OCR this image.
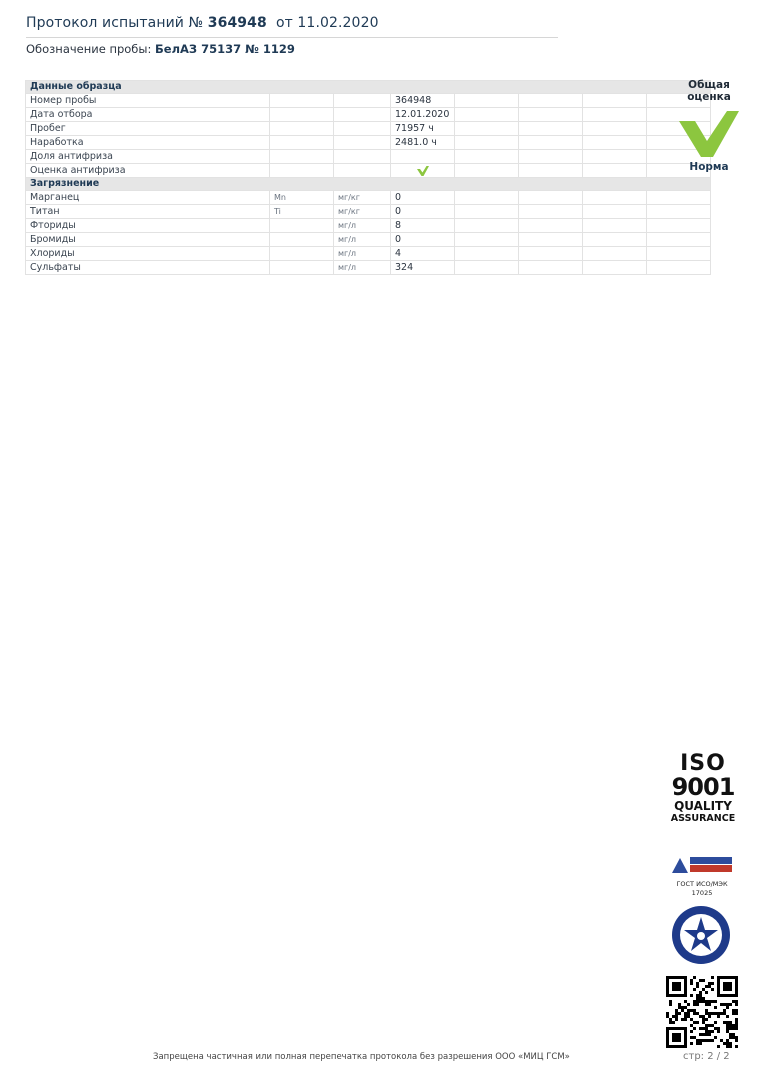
Протокол испытаний № 364948 от 11.02.2020
Обозначение пробы: БелАЗ 75137 № 1129
Данные образца							
Номер пробы			364948				
Дата отбора			12.01.2020				
Пробег			71957 ч				
Наработка			2481.0 ч				
Доля антифриза							
Оценка антифриза							
Загрязнение							
Марганец	Mn	мг/кг	0				
Титан	Ti	мг/кг	0				
Фториды		мг/л	8				
Бромиды		мг/л	0				
Хлориды		мг/л	4				
Сульфаты		мг/л	324				
Общая оценка
Норма
ISO
9001
QUALITY
ASSURANCE
ГОСТ ИСО/МЭК
17025
Запрещена частичная или полная перепечатка протокола без разрешения ООО «МИЦ ГСМ»	стр: 2 / 2
